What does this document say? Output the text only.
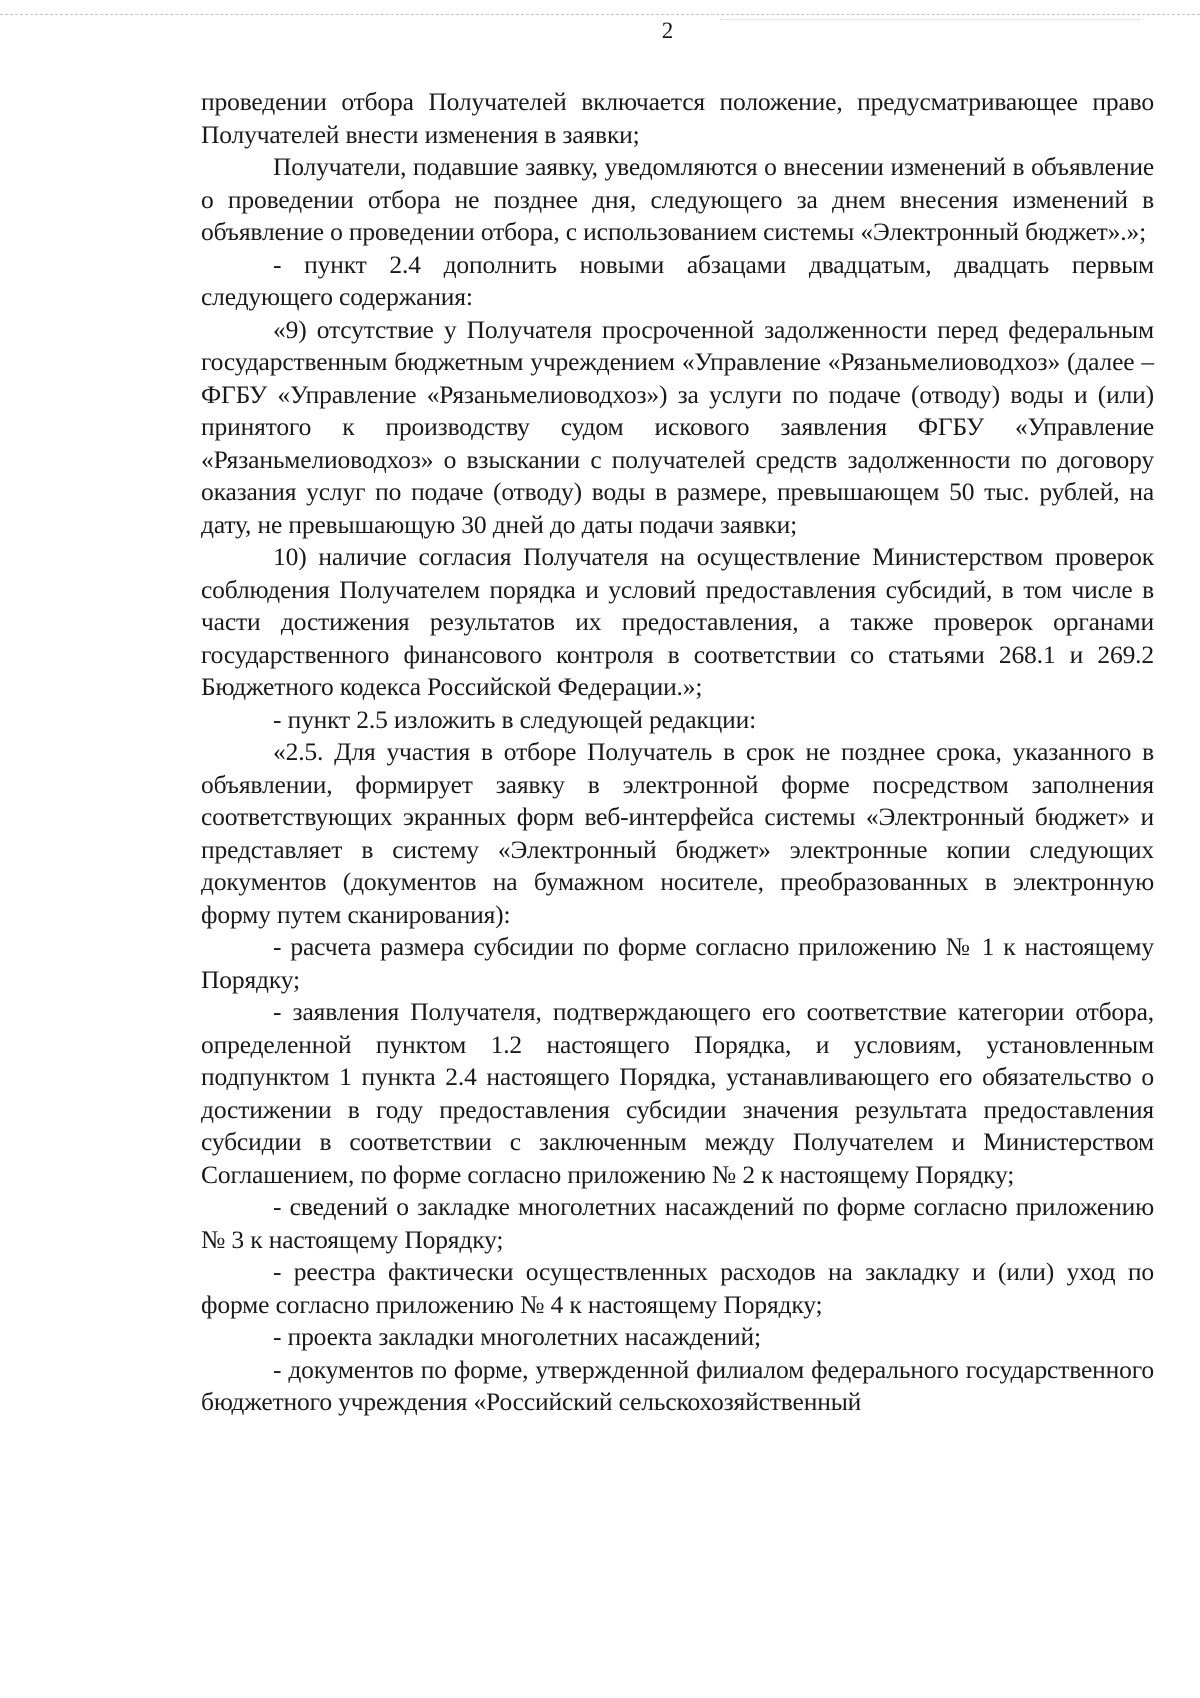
2

проведении отбора Получателей включается положение, предусматривающее право Получателей внести изменения в заявки;

Получатели, подавшие заявку, уведомляются о внесении изменений в объявление о проведении отбора не позднее дня, следующего за днем внесения изменений в объявление о проведении отбора, с использованием системы «Электронный бюджет».»;

- пункт 2.4 дополнить новыми абзацами двадцатым, двадцать первым следующего содержания:

«9) отсутствие у Получателя просроченной задолженности перед федеральным государственным бюджетным учреждением «Управление «Рязаньмелиоводхоз» (далее – ФГБУ «Управление «Рязаньмелиоводхоз») за услуги по подаче (отводу) воды и (или) принятого к производству судом искового заявления ФГБУ «Управление «Рязаньмелиоводхоз» о взыскании с получателей средств задолженности по договору оказания услуг по подаче (отводу) воды в размере, превышающем 50 тыс. рублей, на дату, не превышающую 30 дней до даты подачи заявки;

10) наличие согласия Получателя на осуществление Министерством проверок соблюдения Получателем порядка и условий предоставления субсидий, в том числе в части достижения результатов их предоставления, а также проверок органами государственного финансового контроля в соответствии со статьями 268.1 и 269.2 Бюджетного кодекса Российской Федерации.»;

- пункт 2.5 изложить в следующей редакции:

«2.5. Для участия в отборе Получатель в срок не позднее срока, указанного в объявлении, формирует заявку в электронной форме посредством заполнения соответствующих экранных форм веб-интерфейса системы «Электронный бюджет» и представляет в систему «Электронный бюджет» электронные копии следующих документов (документов на бумажном носителе, преобразованных в электронную форму путем сканирования):

- расчета размера субсидии по форме согласно приложению № 1 к настоящему Порядку;

- заявления Получателя, подтверждающего его соответствие категории отбора, определенной пунктом 1.2 настоящего Порядка, и условиям, установленным подпунктом 1 пункта 2.4 настоящего Порядка, устанавливающего его обязательство о достижении в году предоставления субсидии значения результата предоставления субсидии в соответствии с заключенным между Получателем и Министерством Соглашением, по форме согласно приложению № 2 к настоящему Порядку;

- сведений о закладке многолетних насаждений по форме согласно приложению № 3 к настоящему Порядку;

- реестра фактически осуществленных расходов на закладку и (или) уход по форме согласно приложению № 4 к настоящему Порядку;

- проекта закладки многолетних насаждений;

- документов по форме, утвержденной филиалом федерального государственного бюджетного учреждения «Российский сельскохозяйственный
